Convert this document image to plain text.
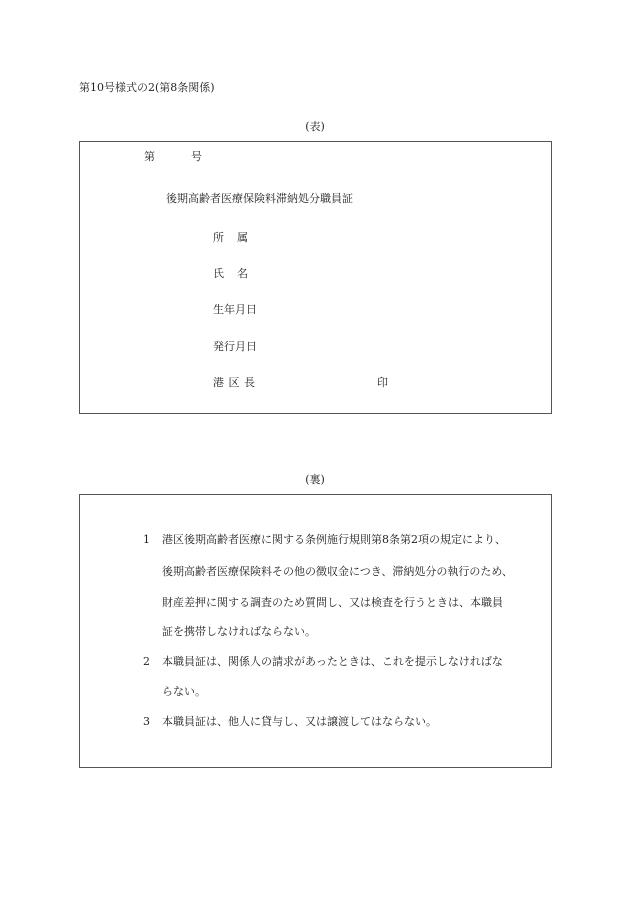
第10号様式の2(第8条関係)
(表)
第	号
後期高齢者医療保険料滞納処分職員証
所 属
氏 名
生年月日
発行月日
港 区 長	印
(裏)
1 港区後期高齢者医療に関する条例施行規則第8条第2項の規定により、
後期高齢者医療保険料その他の徴収金につき、滞納処分の執行のため、
財産差押に関する調査のため質問し、又は検査を行うときは、本職員
証を携帯しなければならない。
2 本職員証は、関係人の請求があったときは、これを提示しなければな
らない。
3 本職員証は、他人に貸与し、又は譲渡してはならない。
